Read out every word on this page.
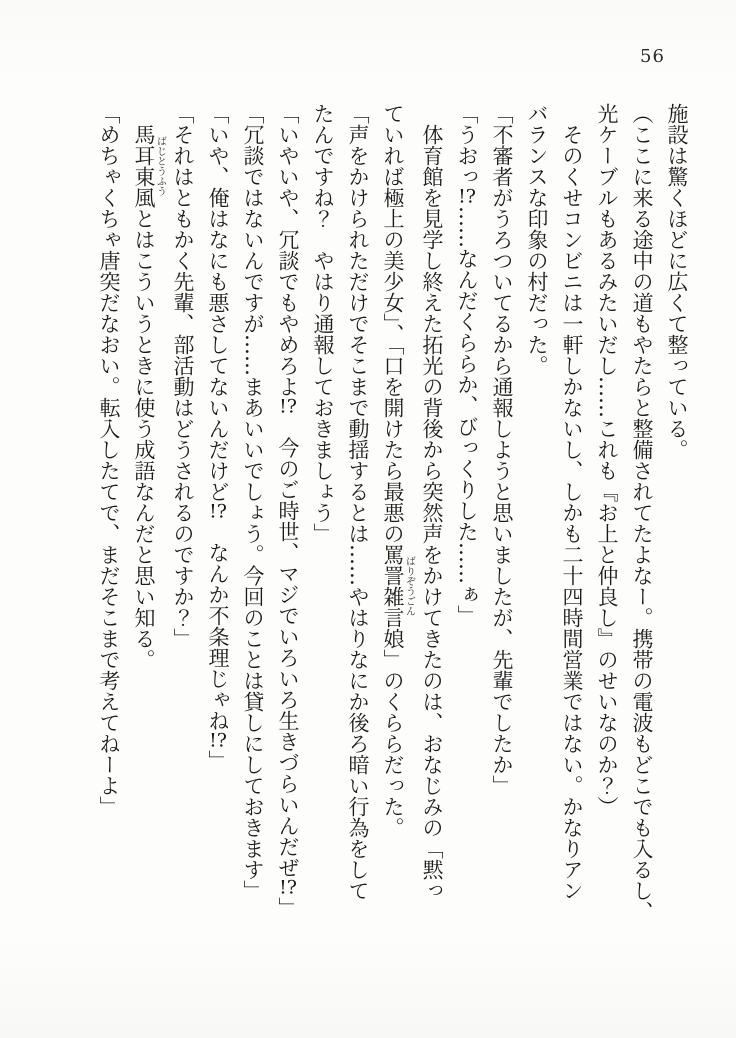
56

施設は驚くほどに広くて整っている。

（ここに来る途中の道もやたらと整備されてたよなー。携帯の電波もどこでも入るし、

光ケーブルもあるみたいだし……これも『お上と仲良し』のせいなのか？）

　そのくせコンビニは一軒しかないし、しかも二十四時間営業ではない。かなりアン

バランスな印象の村だった。

「不審者がうろついてるから通報しようと思いましたが、先輩でしたか」

「うおっ!?……なんだくららか、びっくりした……ぁ」

　体育館を見学し終えた拓光の背後から突然声をかけてきたのは、おなじみの「黙っ

ていれば極上の美少女」、「口を開けたら最悪の罵詈雑言ばりぞうごん娘」のくららだった。

「声をかけられただけでそこまで動揺するとは……やはりなにか後ろ暗い行為をして

たんですね？　やはり通報しておきましょう」

「いやいや、冗談でもやめろよ!?　今のご時世、マジでいろいろ生きづらいんだぜ!?」

「冗談ではないんですが……まあいいでしょう。今回のことは貸しにしておきます」

「いや、俺はなにも悪さしてないんだけど!?　なんか不条理じゃね!?」

「それはともかく先輩、部活動はどうされるのですか？」

　馬耳東風ばじとうふうとはこういうときに使う成語なんだと思い知る。

「めちゃくちゃ唐突だなおい。転入したてで、まだそこまで考えてねーよ」
